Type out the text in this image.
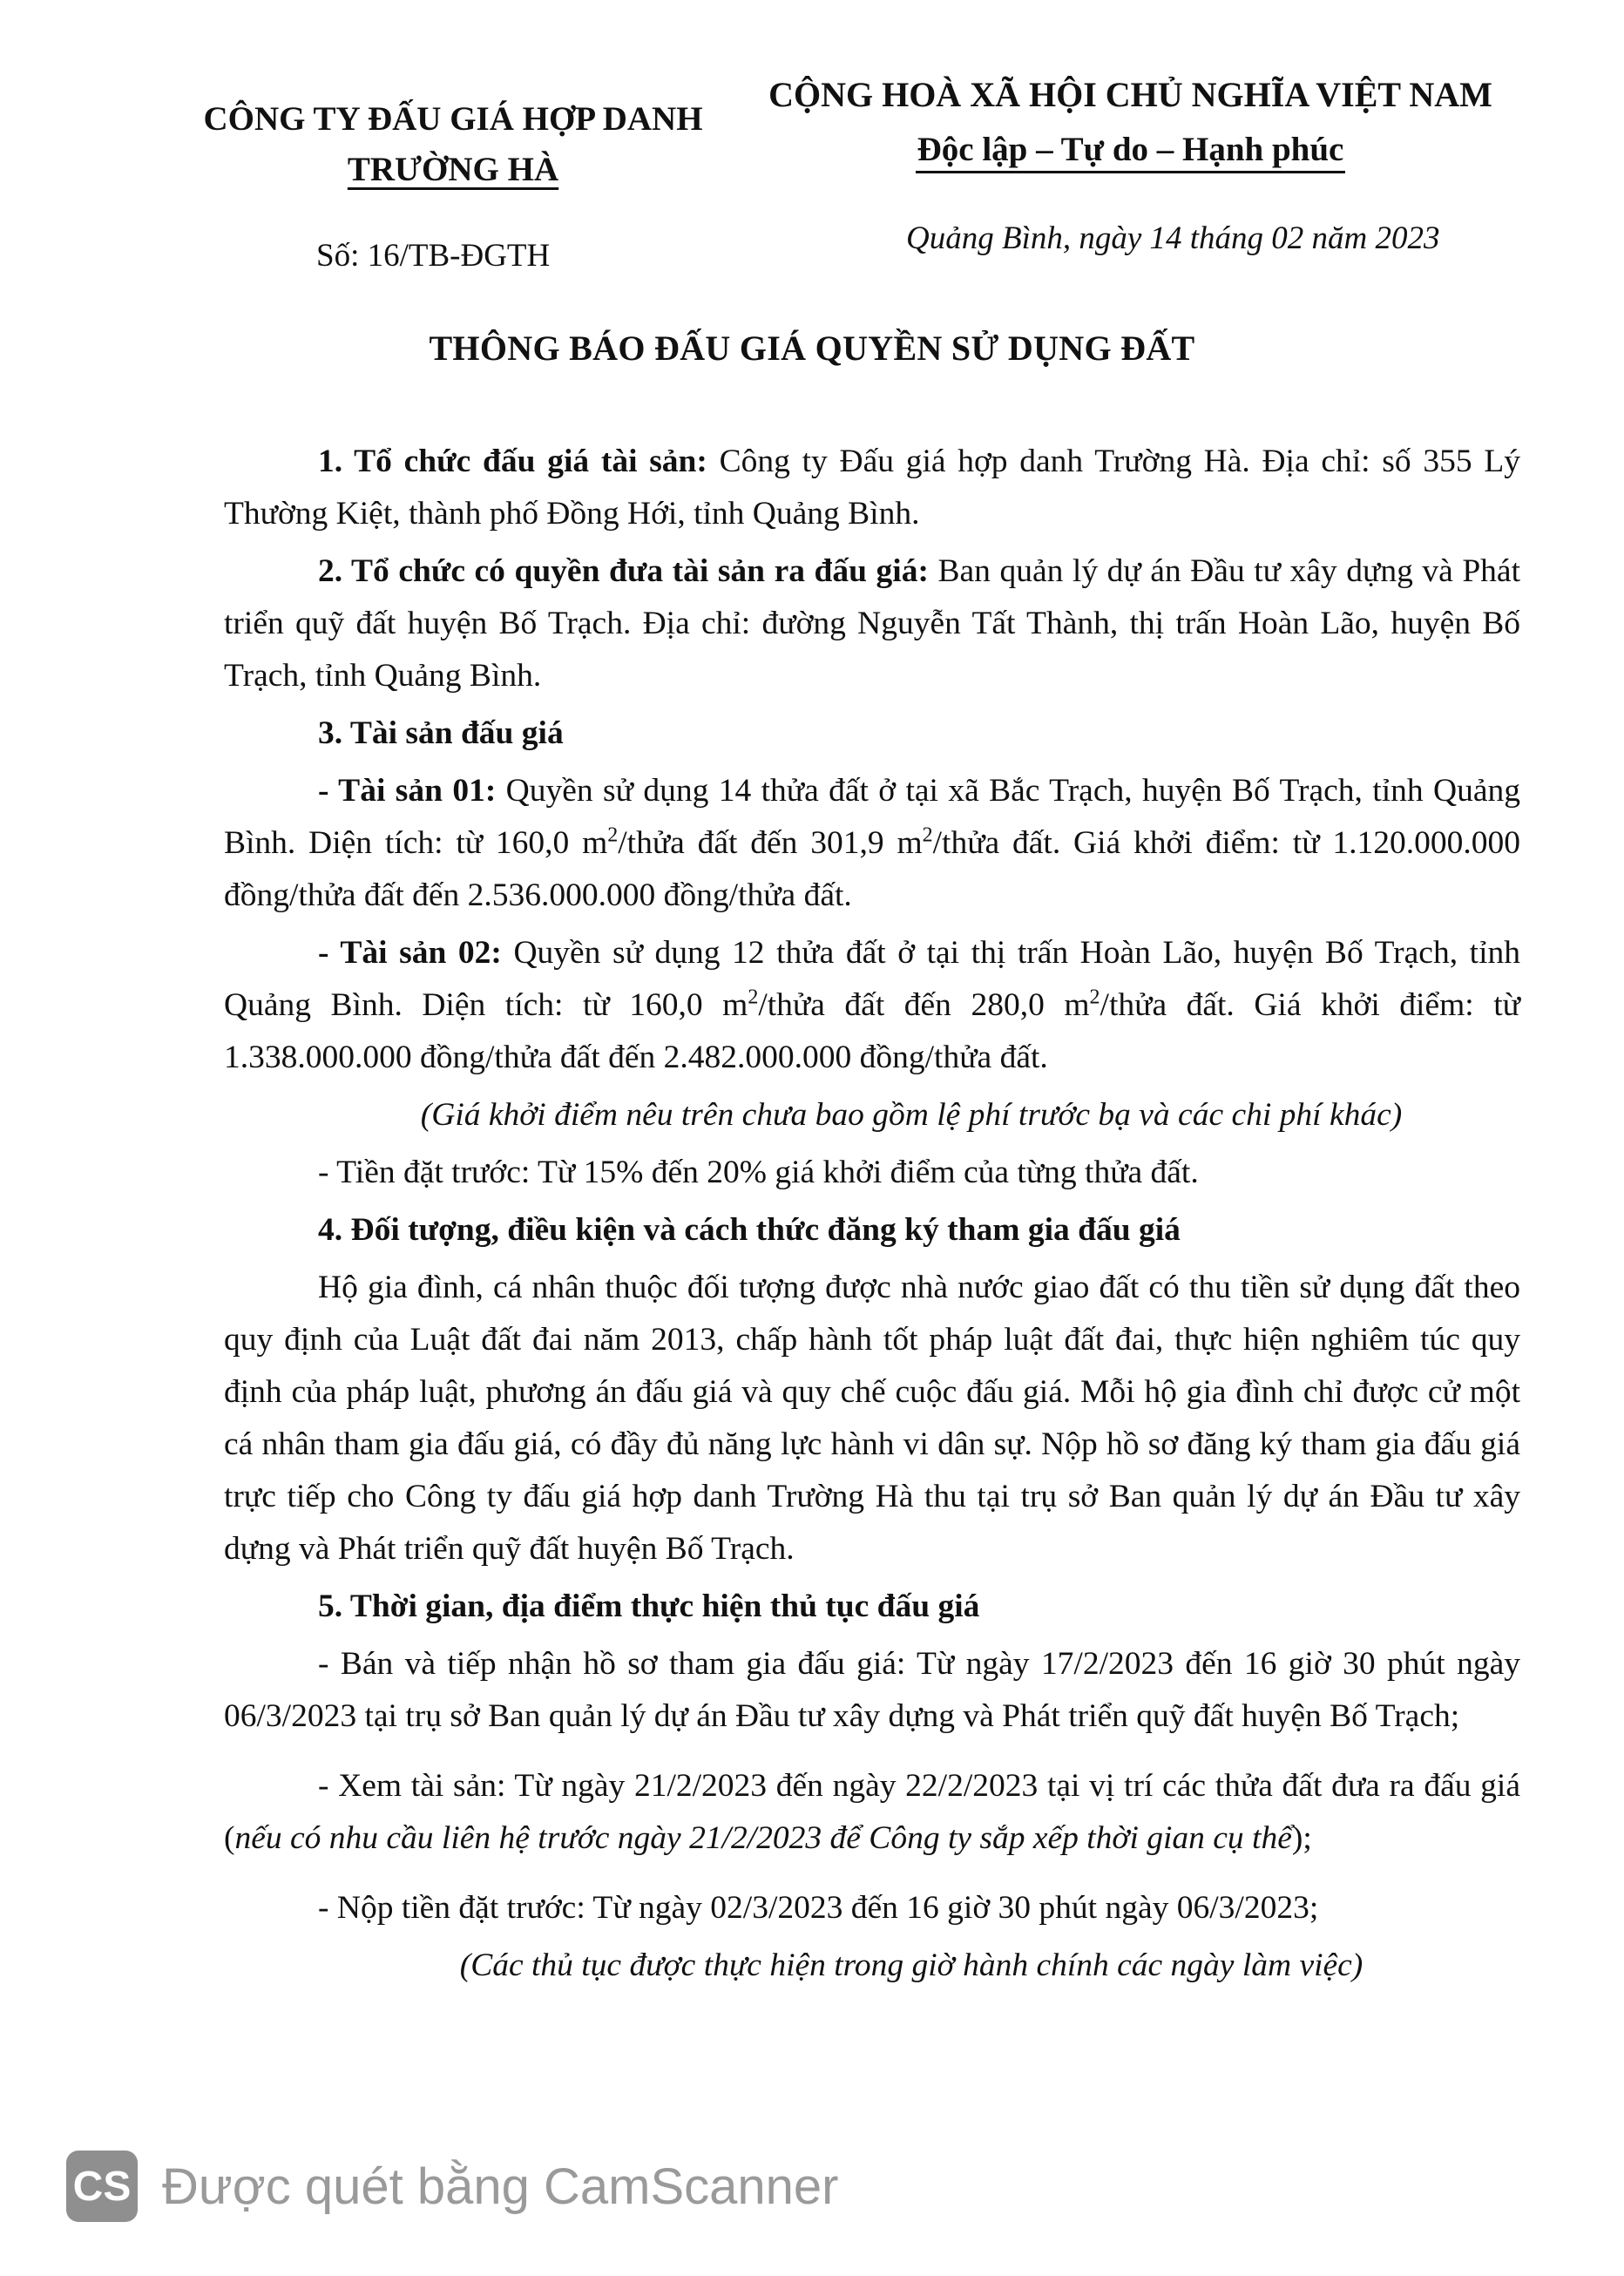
CÔNG TY ĐẤU GIÁ HỢP DANH
TRƯỜNG HÀ
CỘNG HOÀ XÃ HỘI CHỦ NGHĨA VIỆT NAM
Độc lập – Tự do – Hạnh phúc
Số: 16/TB-ĐGTH	Quảng Bình, ngày 14 tháng 02 năm 2023
THÔNG BÁO ĐẤU GIÁ QUYỀN SỬ DỤNG ĐẤT

1. Tổ chức đấu giá tài sản: Công ty Đấu giá hợp danh Trường Hà. Địa chỉ: số 355 Lý Thường Kiệt, thành phố Đồng Hới, tỉnh Quảng Bình.

2. Tổ chức có quyền đưa tài sản ra đấu giá: Ban quản lý dự án Đầu tư xây dựng và Phát triển quỹ đất huyện Bố Trạch. Địa chỉ: đường Nguyễn Tất Thành, thị trấn Hoàn Lão, huyện Bố Trạch, tỉnh Quảng Bình.

3. Tài sản đấu giá

- Tài sản 01: Quyền sử dụng 14 thửa đất ở tại xã Bắc Trạch, huyện Bố Trạch, tỉnh Quảng Bình. Diện tích: từ 160,0 $m^2$/thửa đất đến 301,9 $m^2$/thửa đất. Giá khởi điểm: từ 1.120.000.000 đồng/thửa đất đến 2.536.000.000 đồng/thửa đất.

- Tài sản 02: Quyền sử dụng 12 thửa đất ở tại thị trấn Hoàn Lão, huyện Bố Trạch, tỉnh Quảng Bình. Diện tích: từ 160,0 $m^2$/thửa đất đến 280,0 $m^2$/thửa đất. Giá khởi điểm: từ 1.338.000.000 đồng/thửa đất đến 2.482.000.000 đồng/thửa đất.

(Giá khởi điểm nêu trên chưa bao gồm lệ phí trước bạ và các chi phí khác)

- Tiền đặt trước: Từ 15% đến 20% giá khởi điểm của từng thửa đất.

4. Đối tượng, điều kiện và cách thức đăng ký tham gia đấu giá

Hộ gia đình, cá nhân thuộc đối tượng được nhà nước giao đất có thu tiền sử dụng đất theo quy định của Luật đất đai năm 2013, chấp hành tốt pháp luật đất đai, thực hiện nghiêm túc quy định của pháp luật, phương án đấu giá và quy chế cuộc đấu giá. Mỗi hộ gia đình chỉ được cử một cá nhân tham gia đấu giá, có đầy đủ năng lực hành vi dân sự. Nộp hồ sơ đăng ký tham gia đấu giá trực tiếp cho Công ty đấu giá hợp danh Trường Hà thu tại trụ sở Ban quản lý dự án Đầu tư xây dựng và Phát triển quỹ đất huyện Bố Trạch.

5. Thời gian, địa điểm thực hiện thủ tục đấu giá

- Bán và tiếp nhận hồ sơ tham gia đấu giá: Từ ngày 17/2/2023 đến 16 giờ 30 phút ngày 06/3/2023 tại trụ sở Ban quản lý dự án Đầu tư xây dựng và Phát triển quỹ đất huyện Bố Trạch;

- Xem tài sản: Từ ngày 21/2/2023 đến ngày 22/2/2023 tại vị trí các thửa đất đưa ra đấu giá (nếu có nhu cầu liên hệ trước ngày 21/2/2023 để Công ty sắp xếp thời gian cụ thể);

- Nộp tiền đặt trước: Từ ngày 02/3/2023 đến 16 giờ 30 phút ngày 06/3/2023;

(Các thủ tục được thực hiện trong giờ hành chính các ngày làm việc)

CS Được quét bằng CamScanner
